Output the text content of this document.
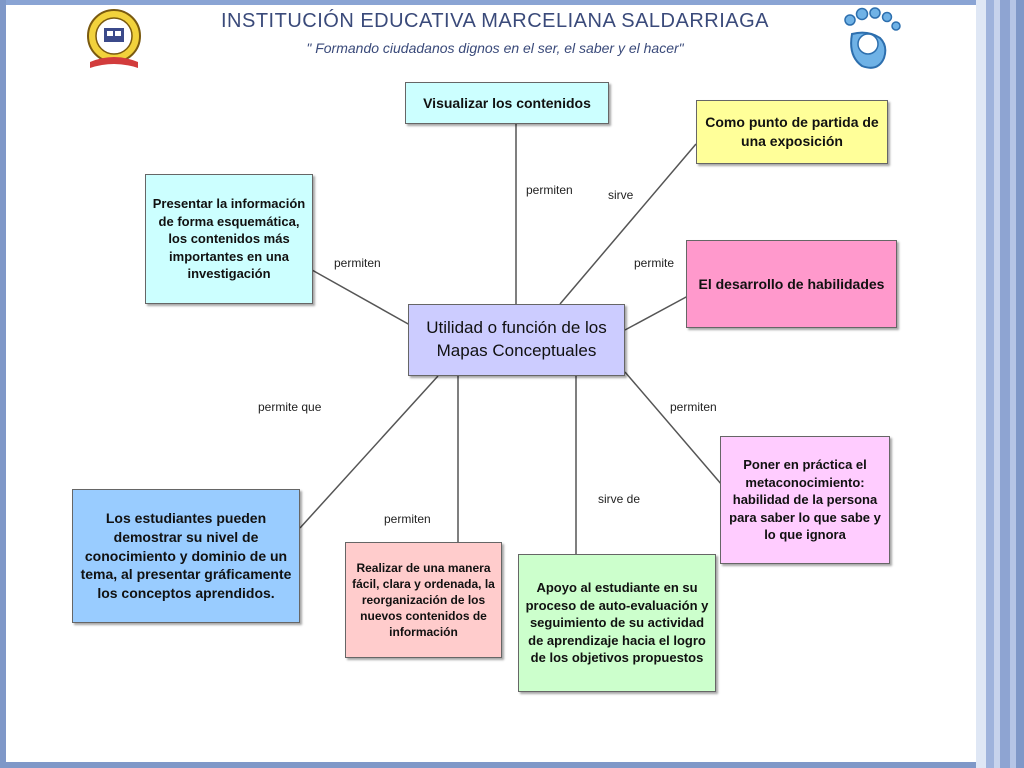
INSTITUCIÓN EDUCATIVA MARCELIANA SALDARRIAGA
" Formando ciudadanos dignos en el ser, el saber y el hacer"
permiten	sirve
permiten	permite
permiten
permite que
permiten
sirve de
Visualizar los contenidos
Como punto de partida de una exposición
Presentar la información de forma esquemática, los contenidos más importantes en una investigación
El desarrollo de habilidades
Utilidad o función de los Mapas Conceptuales
Poner en práctica el metaconocimiento: habilidad de la persona para saber lo que sabe y lo que ignora
Los estudiantes pueden demostrar su nivel de conocimiento y dominio de un tema, al presentar gráficamente los conceptos aprendidos.
Realizar de una manera fácil, clara y ordenada, la reorganización de los nuevos contenidos de información
Apoyo al estudiante en su proceso de auto-evaluación y seguimiento de su actividad de aprendizaje hacia el logro de los objetivos propuestos
